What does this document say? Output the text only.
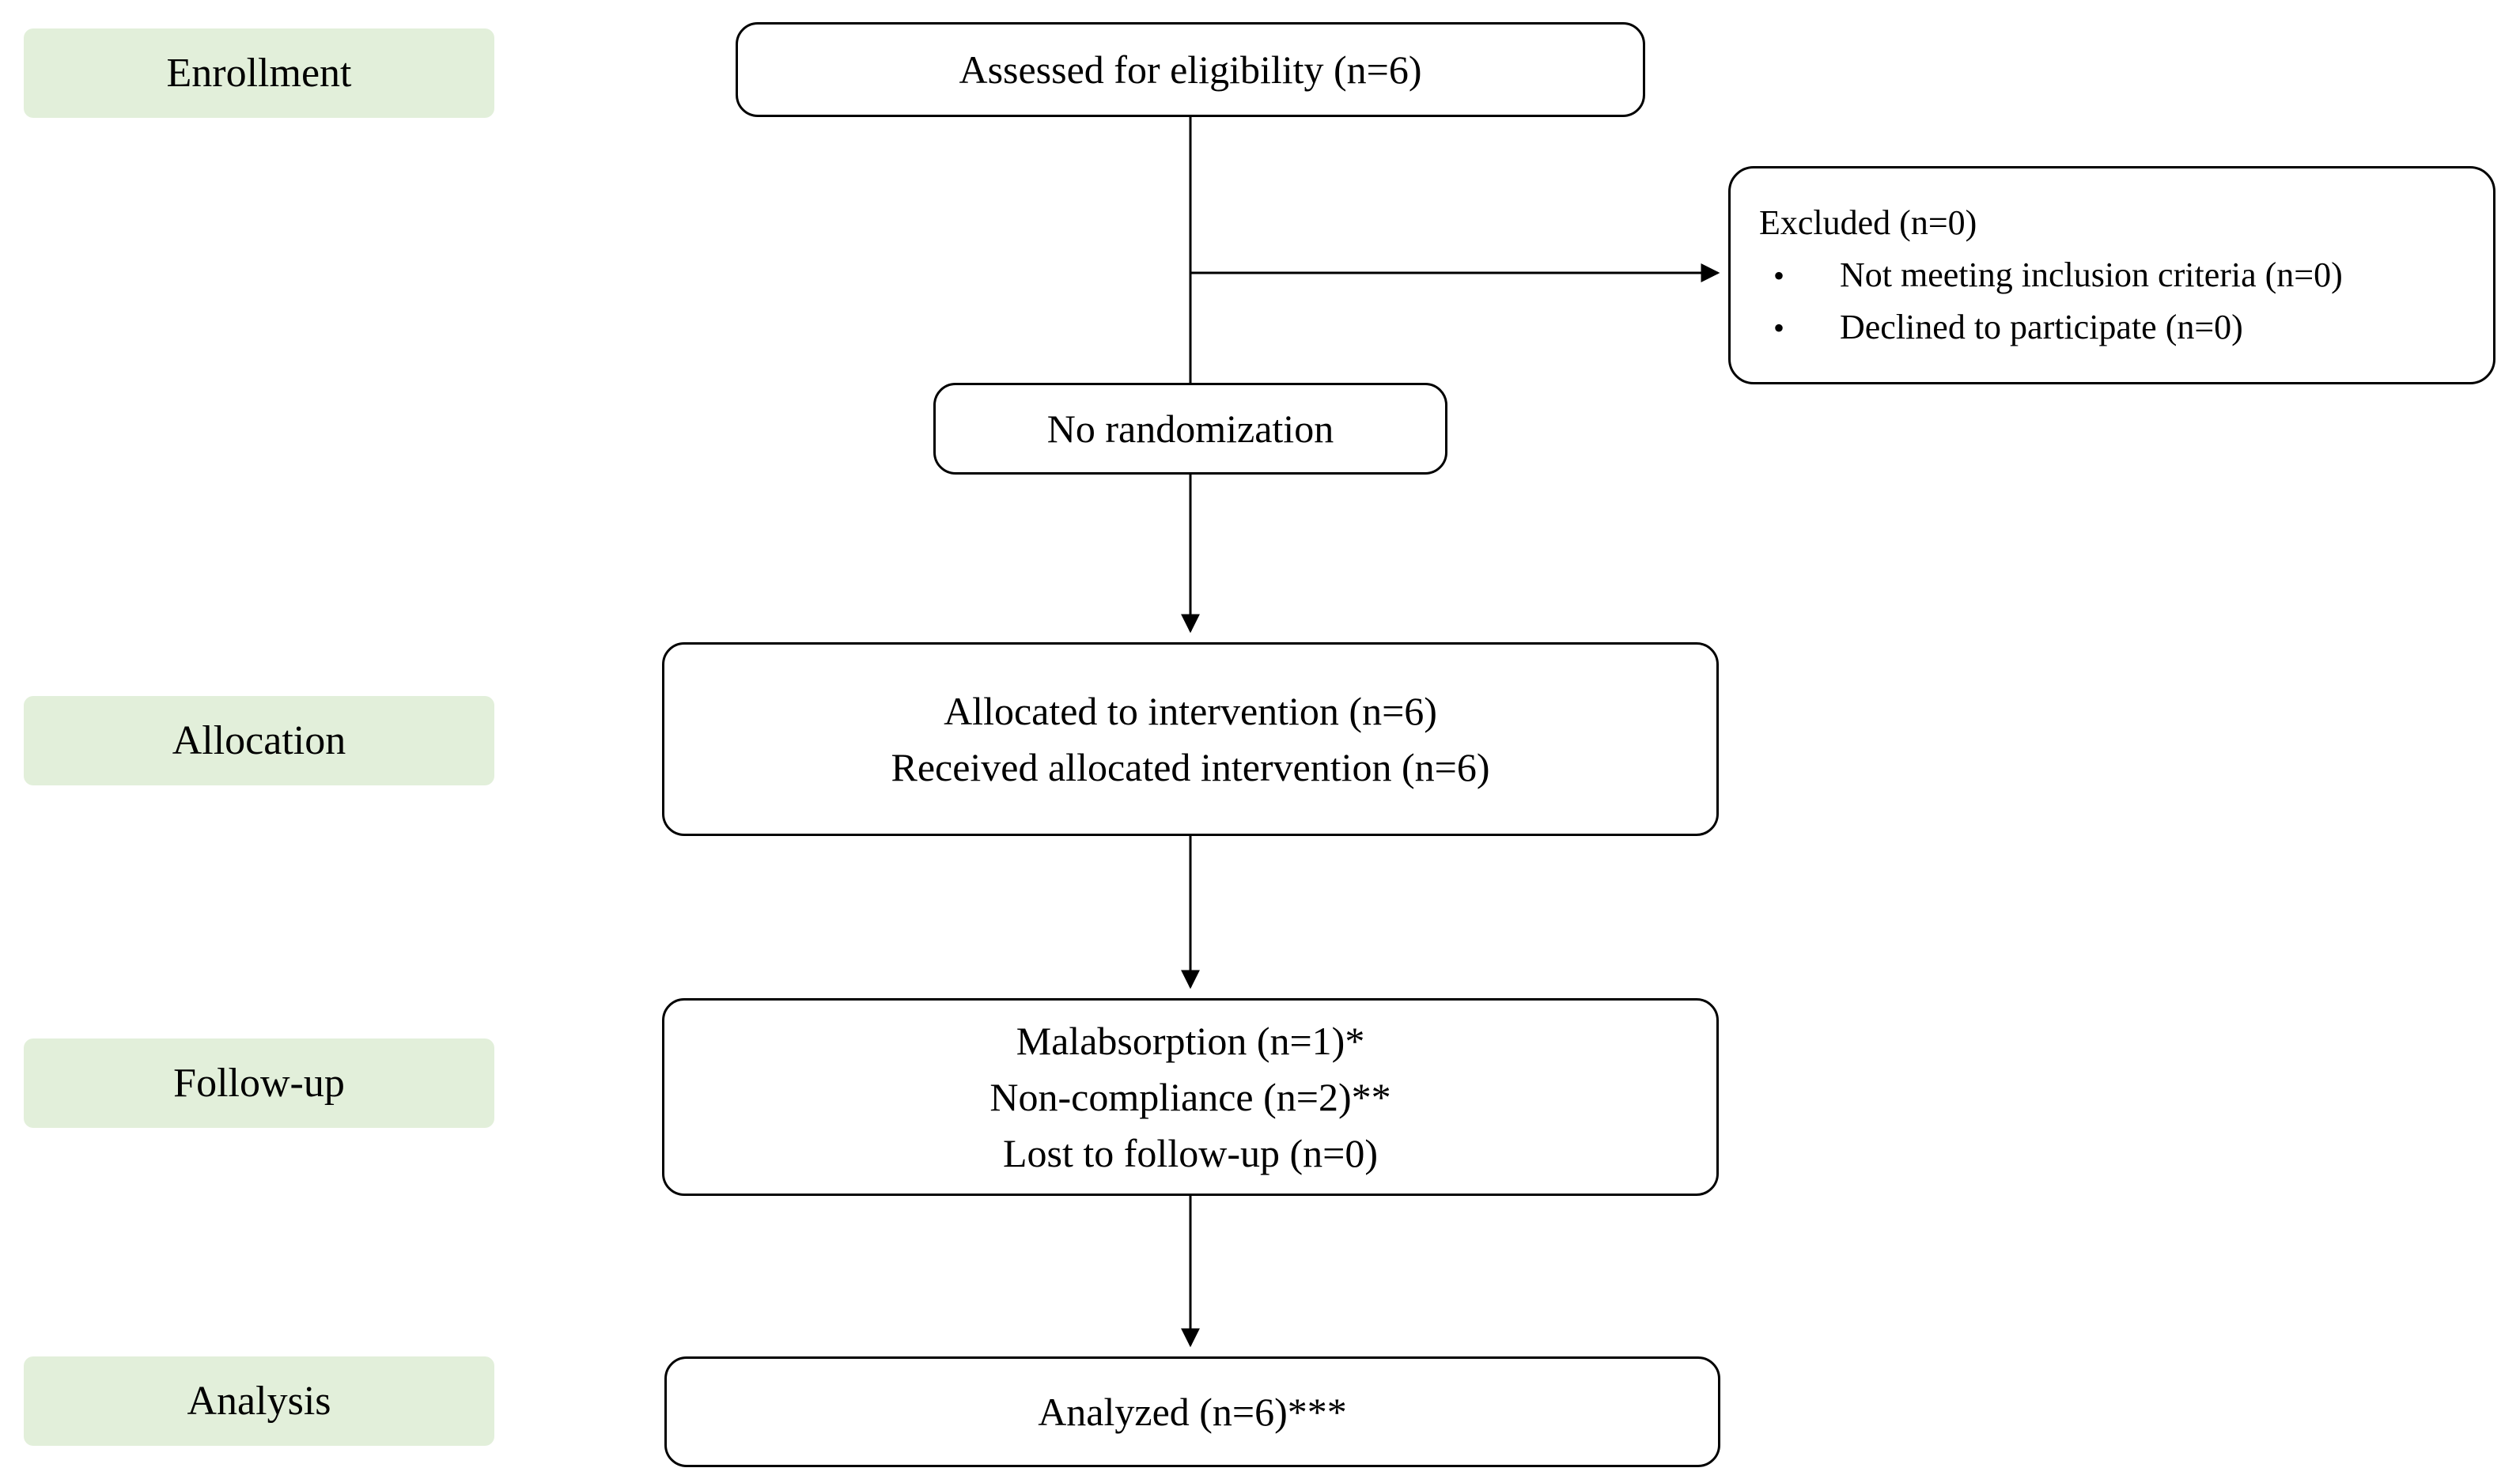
Enrollment
Allocation
Follow-up
Analysis
Assessed for eligibility (n=6)
Excluded (n=0)
•	Not meeting inclusion criteria (n=0)
•	Declined to participate (n=0)
No randomization
Allocated to intervention (n=6)
Received allocated intervention (n=6)
Malabsorption (n=1)*
Non-compliance (n=2)**
Lost to follow-up (n=0)
Analyzed (n=6)***
